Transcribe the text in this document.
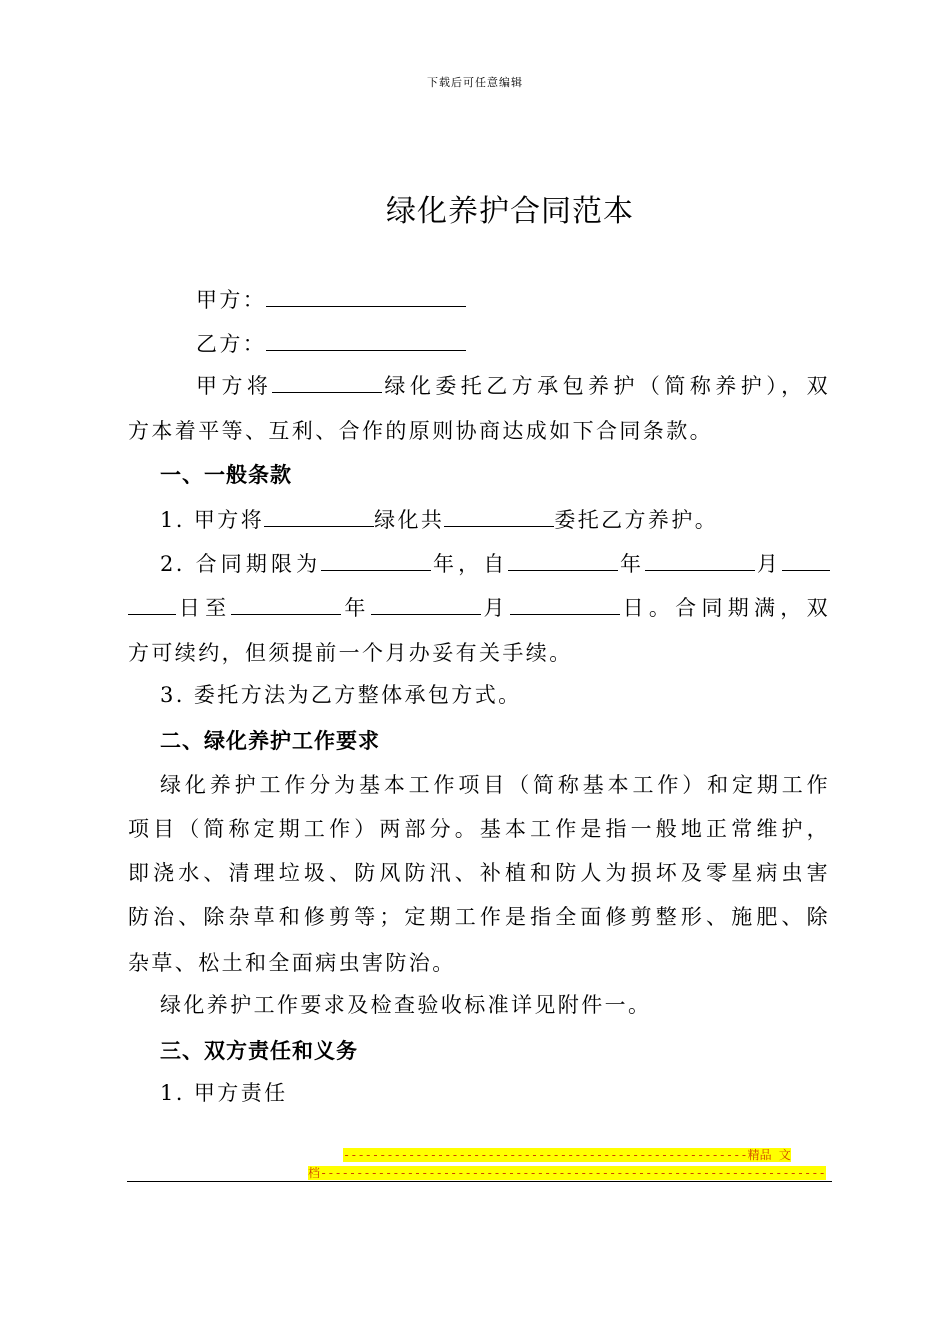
下载后可任意编辑
绿化养护合同范本
甲方：
乙方：
甲方将	绿化委托乙方承包养护（简称养护），双
方本着平等、互利、合作的原则协商达成如下合同条款。
一、一般条款
1. 甲方将	绿化共	委托乙方养护。
2. 合同期限为	年，自	年	月
日至	年	月	日。合同期满，双
方可续约，但须提前一个月办妥有关手续。
3. 委托方法为乙方整体承包方式。
二、绿化养护工作要求
绿化养护工作分为基本工作项目（简称基本工作）和定期工作
项目（简称定期工作）两部分。基本工作是指一般地正常维护，
即浇水、清理垃圾、防风防汛、补植和防人为损坏及零星病虫害
防治、除杂草和修剪等；定期工作是指全面修剪整形、施肥、除
杂草、松土和全面病虫害防治。
绿化养护工作要求及检查验收标准详见附件一。
三、双方责任和义务
1. 甲方责任
--------------------------------------------------------精品 文
档----------------------------------------------------------------------
